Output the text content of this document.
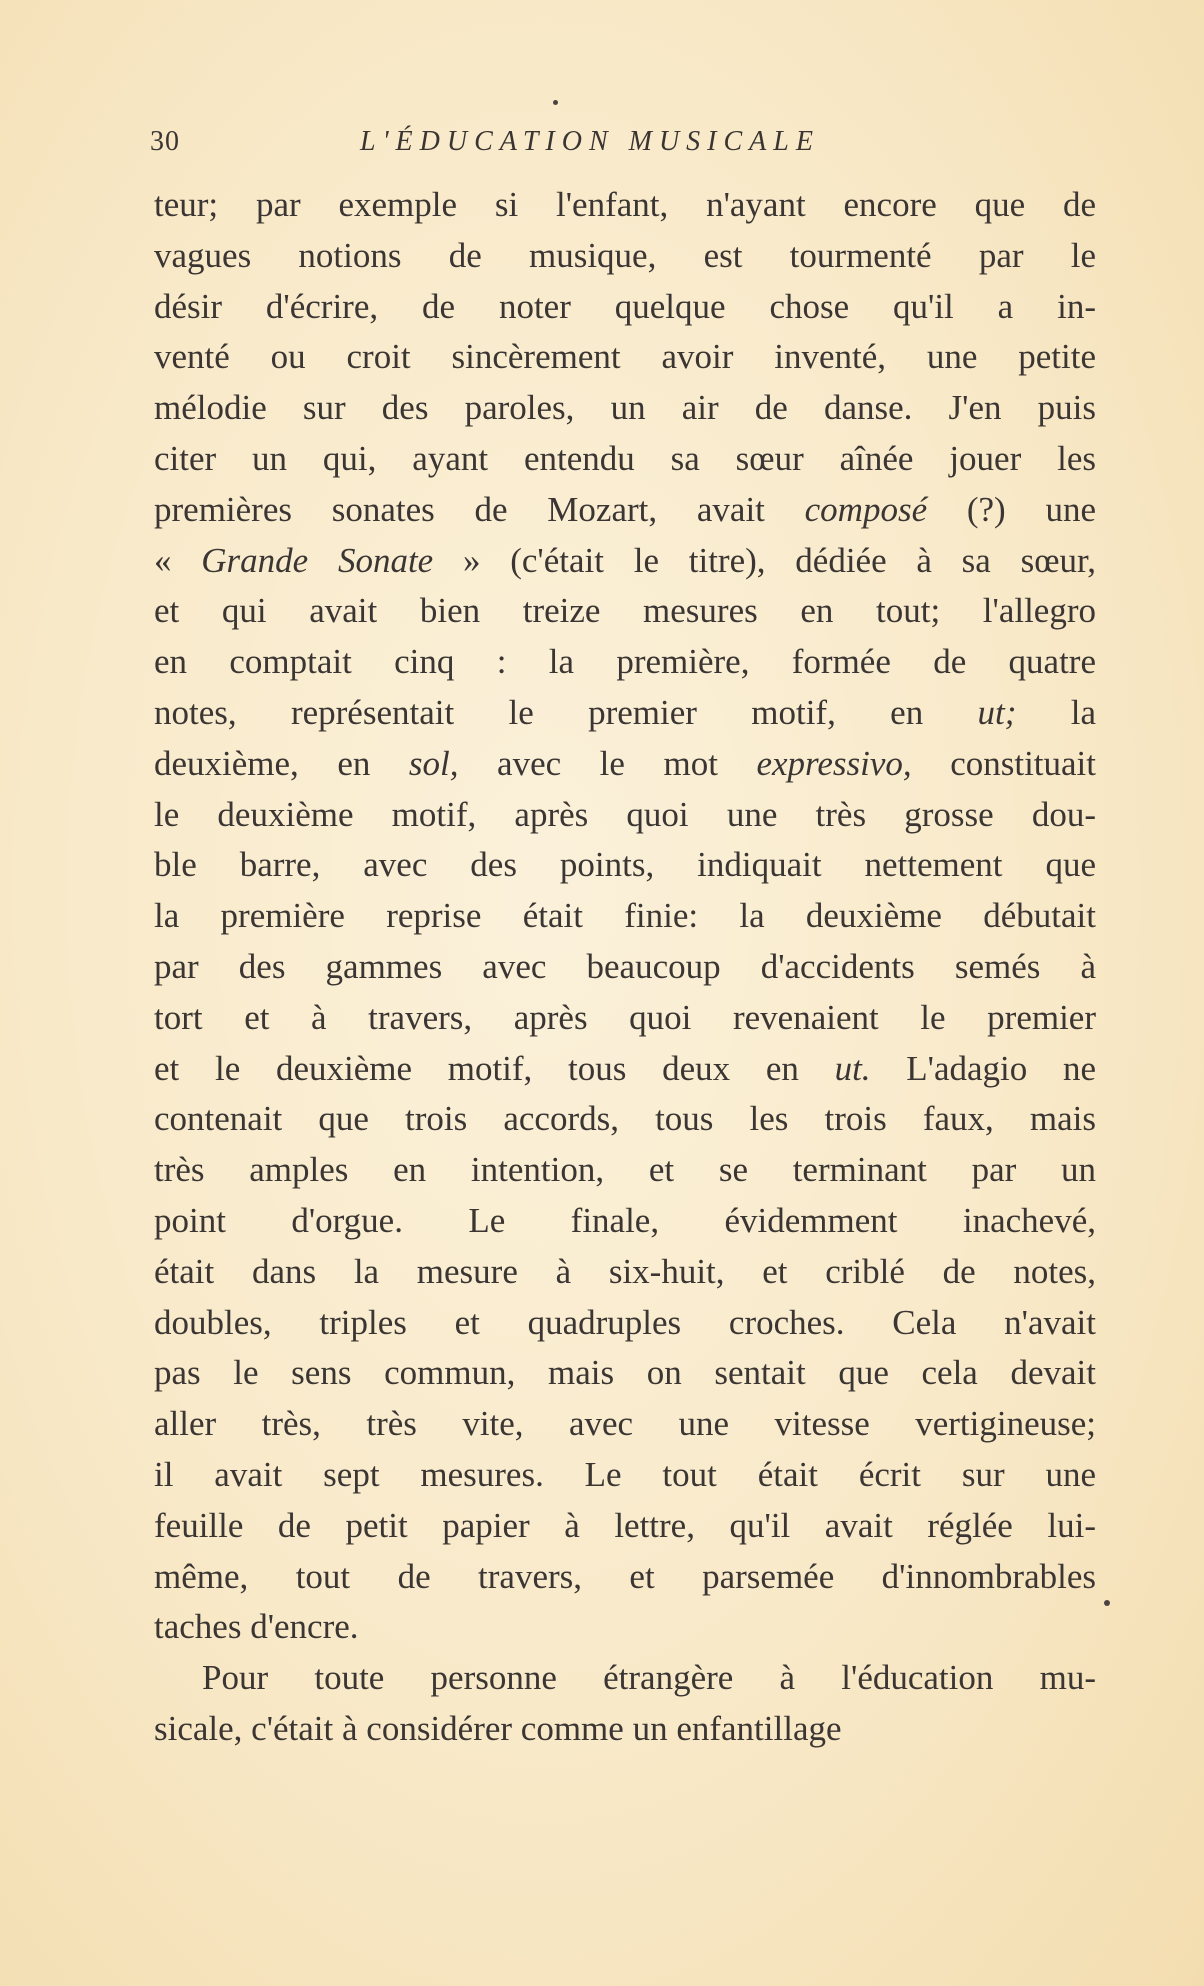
30	L'ÉDUCATION MUSICALE
teur; par exemple si l'enfant, n'ayant encore que de
vagues notions de musique, est tourmenté par le
désir d'écrire, de noter quelque chose qu'il a in-
venté ou croit sincèrement avoir inventé, une petite
mélodie sur des paroles, un air de danse. J'en puis
citer un qui, ayant entendu sa sœur aînée jouer les
premières sonates de Mozart, avait composé (?) une
« Grande Sonate » (c'était le titre), dédiée à sa sœur,
et qui avait bien treize mesures en tout; l'allegro
en comptait cinq : la première, formée de quatre
notes, représentait le premier motif, en ut; la
deuxième, en sol, avec le mot expressivo, constituait
le deuxième motif, après quoi une très grosse dou-
ble barre, avec des points, indiquait nettement que
la première reprise était finie: la deuxième débutait
par des gammes avec beaucoup d'accidents semés à
tort et à travers, après quoi revenaient le premier
et le deuxième motif, tous deux en ut. L'adagio ne
contenait que trois accords, tous les trois faux, mais
très amples en intention, et se terminant par un
point d'orgue. Le finale, évidemment inachevé,
était dans la mesure à six-huit, et criblé de notes,
doubles, triples et quadruples croches. Cela n'avait
pas le sens commun, mais on sentait que cela devait
aller très, très vite, avec une vitesse vertigineuse;
il avait sept mesures. Le tout était écrit sur une
feuille de petit papier à lettre, qu'il avait réglée lui-
même, tout de travers, et parsemée d'innombrables
taches d'encre.
Pour toute personne étrangère à l'éducation mu-
sicale, c'était à considérer comme un enfantillage
